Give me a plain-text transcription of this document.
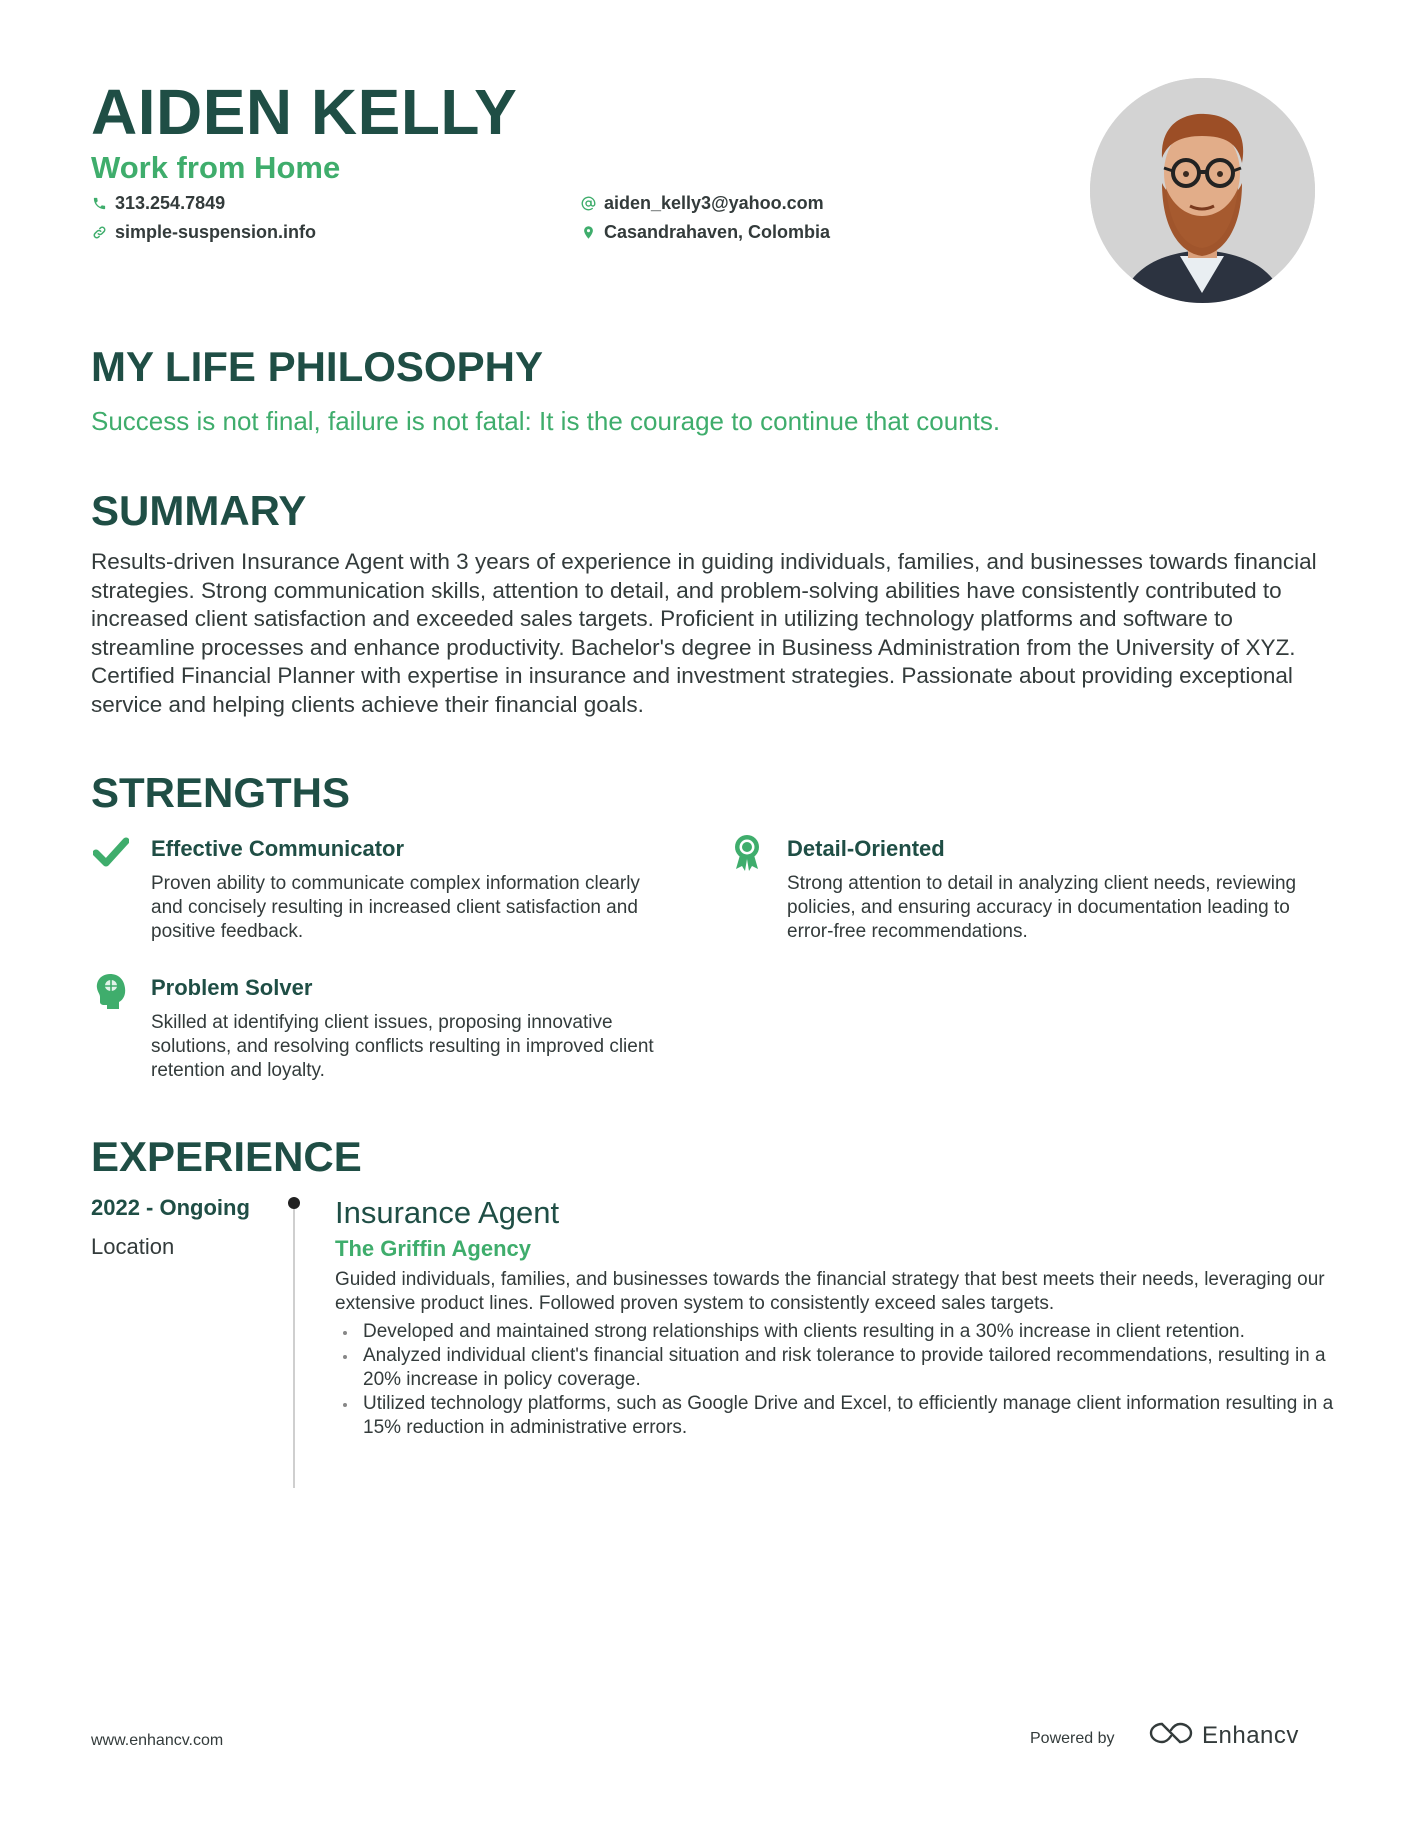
AIDEN KELLY
Work from Home
313.254.7849
simple-suspension.info
aiden_kelly3@yahoo.com
Casandrahaven, Colombia
MY LIFE PHILOSOPHY
Success is not final, failure is not fatal: It is the courage to continue that counts.
SUMMARY

Results-driven Insurance Agent with 3 years of experience in guiding individuals, families, and businesses towards financial strategies. Strong communication skills, attention to detail, and problem-solving abilities have consistently contributed to increased client satisfaction and exceeded sales targets. Proficient in utilizing technology platforms and software to streamline processes and enhance productivity. Bachelor's degree in Business Administration from the University of XYZ. Certified Financial Planner with expertise in insurance and investment strategies. Passionate about providing exceptional service and helping clients achieve their financial goals.

STRENGTHS
Effective Communicator

Proven ability to communicate complex information clearly and concisely resulting in increased client satisfaction and positive feedback.

Detail-Oriented

Strong attention to detail in analyzing client needs, reviewing policies, and ensuring accuracy in documentation leading to error-free recommendations.

Problem Solver

Skilled at identifying client issues, proposing innovative solutions, and resolving conflicts resulting in improved client retention and loyalty.

EXPERIENCE
2022 - Ongoing
Location
Insurance Agent
The Griffin Agency

Guided individuals, families, and businesses towards the financial strategy that best meets their needs, leveraging our extensive product lines. Followed proven system to consistently exceed sales targets.

Developed and maintained strong relationships with clients resulting in a 30% increase in client retention.
Analyzed individual client's financial situation and risk tolerance to provide tailored recommendations, resulting in a 20% increase in policy coverage.
Utilized technology platforms, such as Google Drive and Excel, to efficiently manage client information resulting in a 15% reduction in administrative errors.
www.enhancv.com	Powered by	Enhancv
